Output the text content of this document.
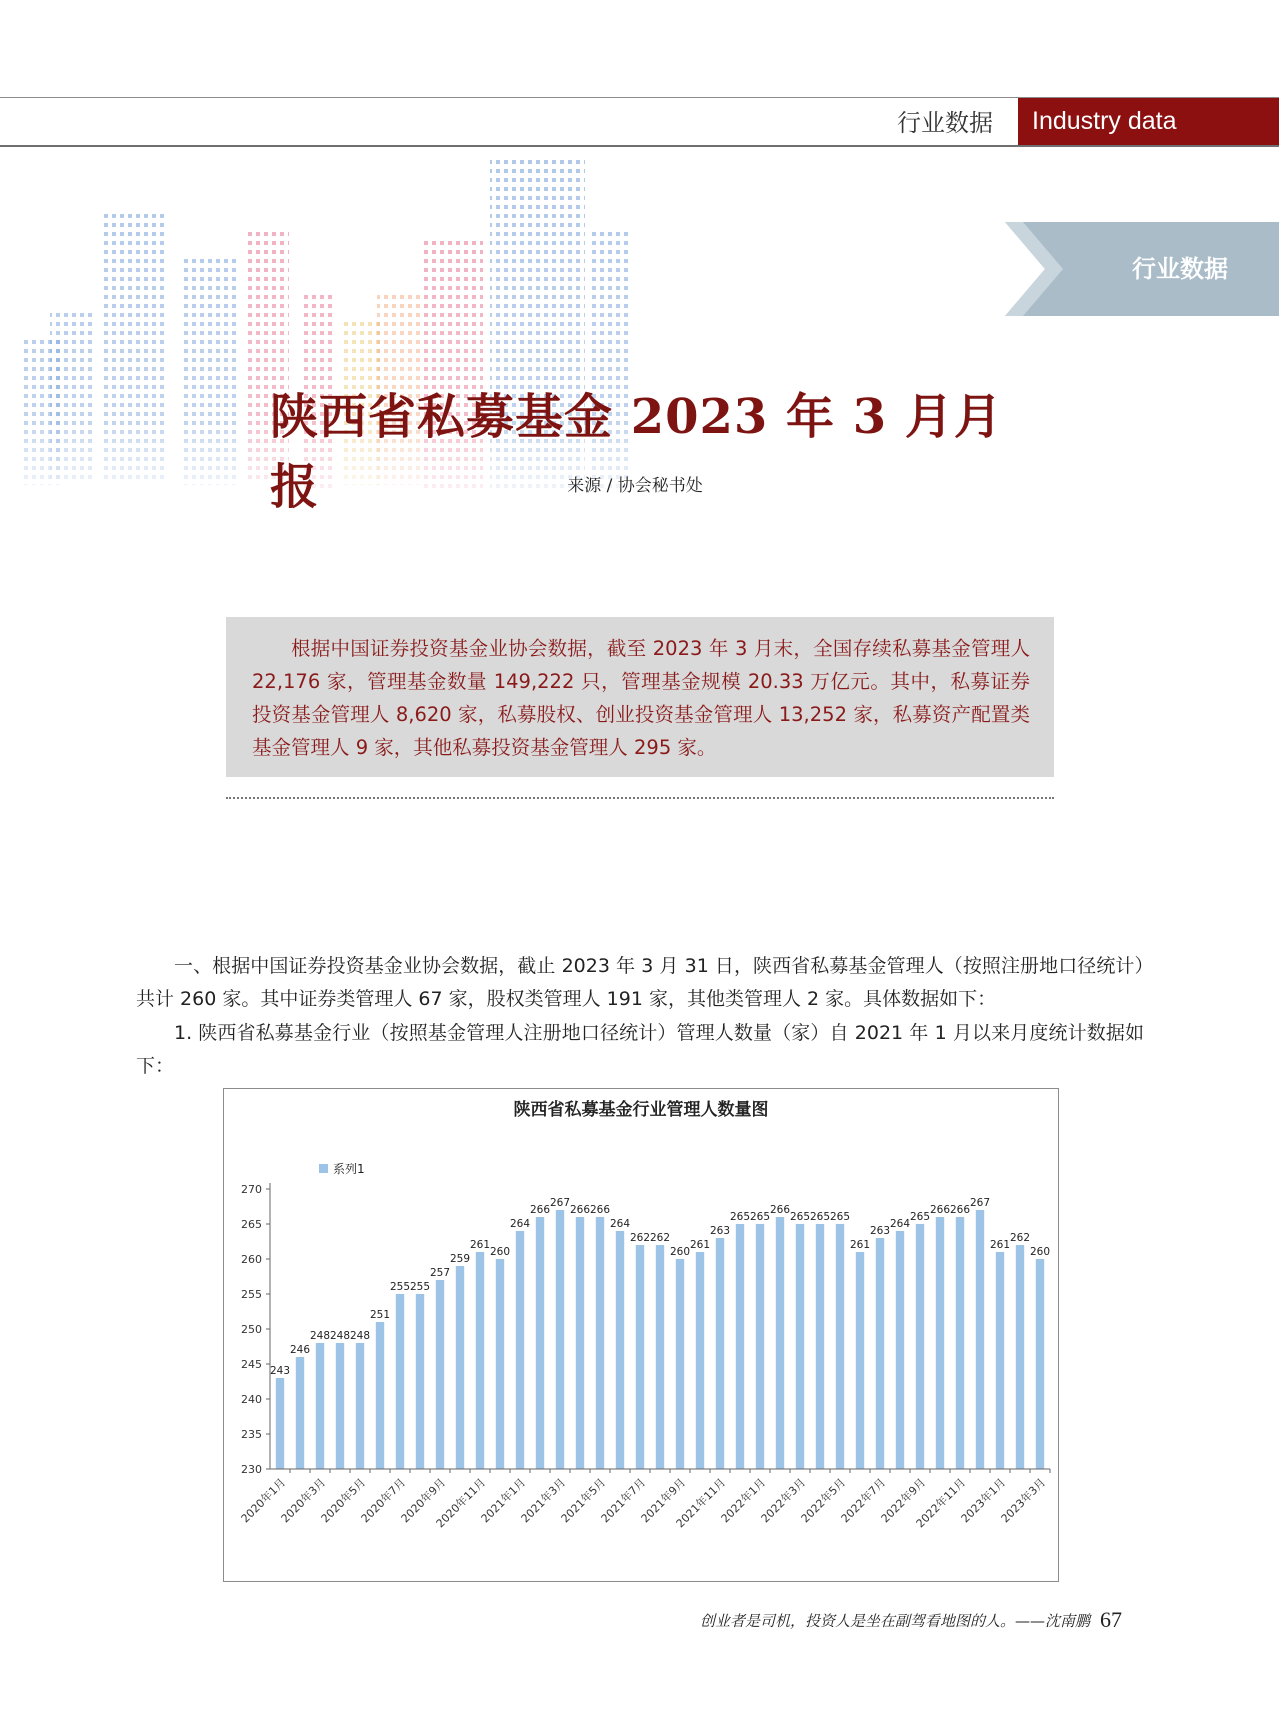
行业数据	Industry data
行业数据
陕西省私募基金 2023 年 3 月月报	来源 / 协会秘书处
根据中国证券投资基金业协会数据，截至 2023 年 3 月末，全国存续私募基金管理人 22,176 家，管理基金数量 149,222 只，管理基金规模 20.33 万亿元。其中，私募证券投资基金管理人 8,620 家，私募股权、创业投资基金管理人 13,252 家，私募资产配置类基金管理人 9 家，其他私募投资基金管理人 295 家。
一、根据中国证券投资基金业协会数据，截止 2023 年 3 月 31 日，陕西省私募基金管理人（按照注册地口径统计）共计 260 家。其中证券类管理人 67 家，股权类管理人 191 家，其他类管理人 2 家。具体数据如下：
1. 陕西省私募基金行业（按照基金管理人注册地口径统计）管理人数量（家）自 2021 年 1 月以来月度统计数据如下：
陕西省私募基金行业管理人数量图
系列1
243
246
248 248 248
251
255 255
257
259
261
260
264
266
267
266 266
264
262 262
260
261
263
265 265
266
265 265 265
261
263
264
265
266 266
267
261
262
260
230
235
240
245
250
255
260
265
270
2020年1月
2020年3月
2020年5月
2020年7月
2020年9月
2020年11月
2021年1月
2021年3月
2021年5月
2021年7月
2021年9月
2021年11月
2022年1月
2022年3月
2022年5月
2022年7月
2022年9月
2022年11月
2023年1月
2023年3月
创业者是司机，投资人是坐在副驾看地图的人。——沈南鹏 67
